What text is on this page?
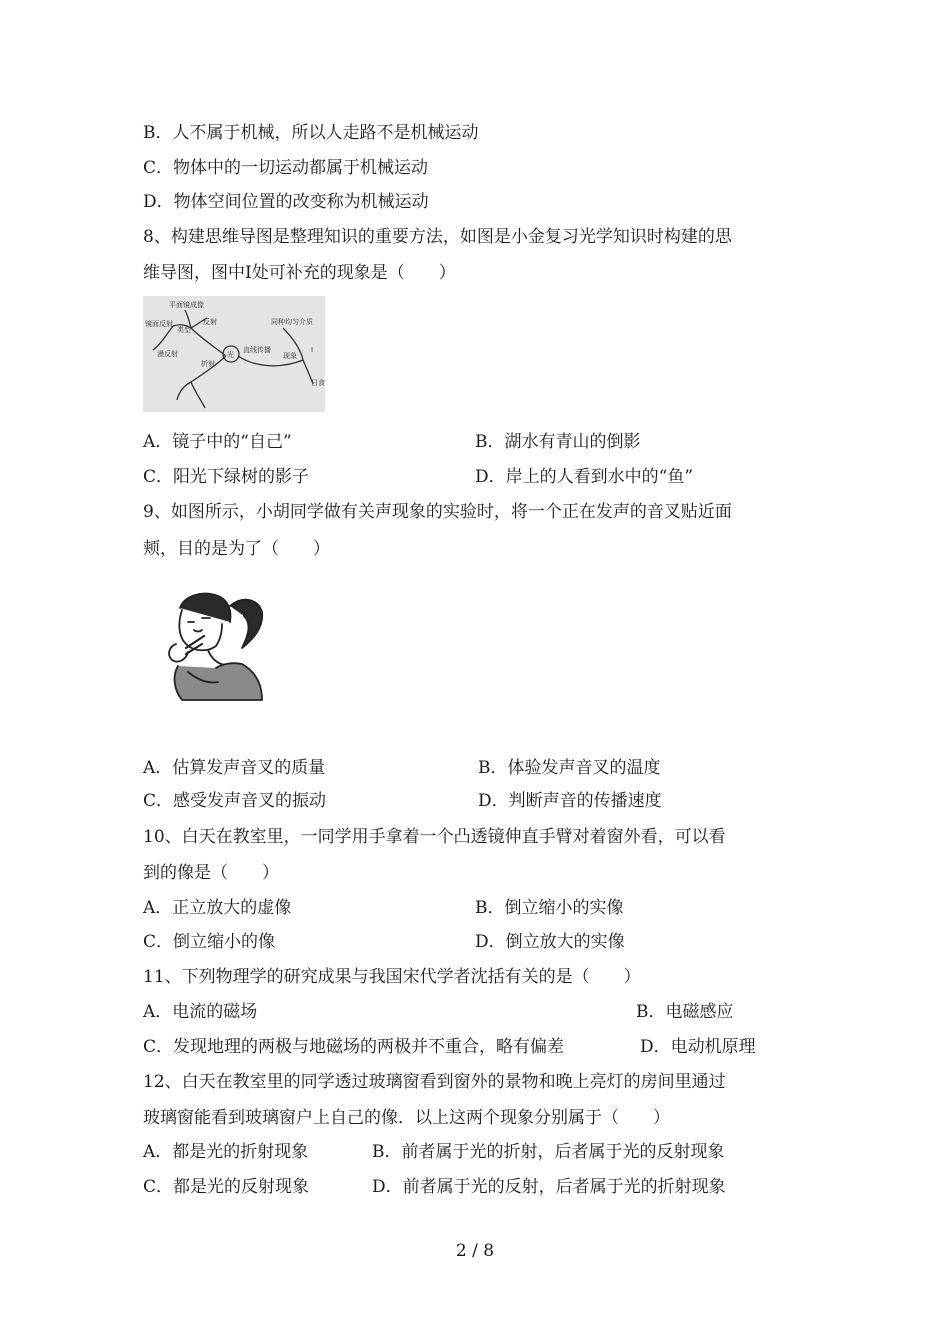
B．人不属于机械，所以人走路不是机械运动
C．物体中的一切运动都属于机械运动
D．物体空间位置的改变称为机械运动
8、构建思维导图是整理知识的重要方法，如图是小金复习光学知识时构建的思
维导图，图中Ⅰ处可补充的现象是（　　）
平面镜成像
镜面反射
类型
反射
漫反射
折射
光
直线传播
同种均匀介质
现象
Ⅰ
日食
A．镜子中的“自己”	B．湖水有青山的倒影
C．阳光下绿树的影子	D．岸上的人看到水中的“鱼”
9、如图所示，小胡同学做有关声现象的实验时，将一个正在发声的音叉贴近面
颊，目的是为了（　　）
A．估算发声音叉的质量	B．体验发声音叉的温度
C．感受发声音叉的振动	D．判断声音的传播速度
10、白天在教室里，一同学用手拿着一个凸透镜伸直手臂对着窗外看，可以看
到的像是（　　）
A．正立放大的虚像	B．倒立缩小的实像
C．倒立缩小的像	D．倒立放大的实像
11、下列物理学的研究成果与我国宋代学者沈括有关的是（　　）
A．电流的磁场	B．电磁感应
C．发现地理的两极与地磁场的两极并不重合，略有偏差	D．电动机原理
12、白天在教室里的同学透过玻璃窗看到窗外的景物和晚上亮灯的房间里通过
玻璃窗能看到玻璃窗户上自己的像．以上这两个现象分别属于（　　）
A．都是光的折射现象	B．前者属于光的折射，后者属于光的反射现象
C．都是光的反射现象	D．前者属于光的反射，后者属于光的折射现象
2 / 8
